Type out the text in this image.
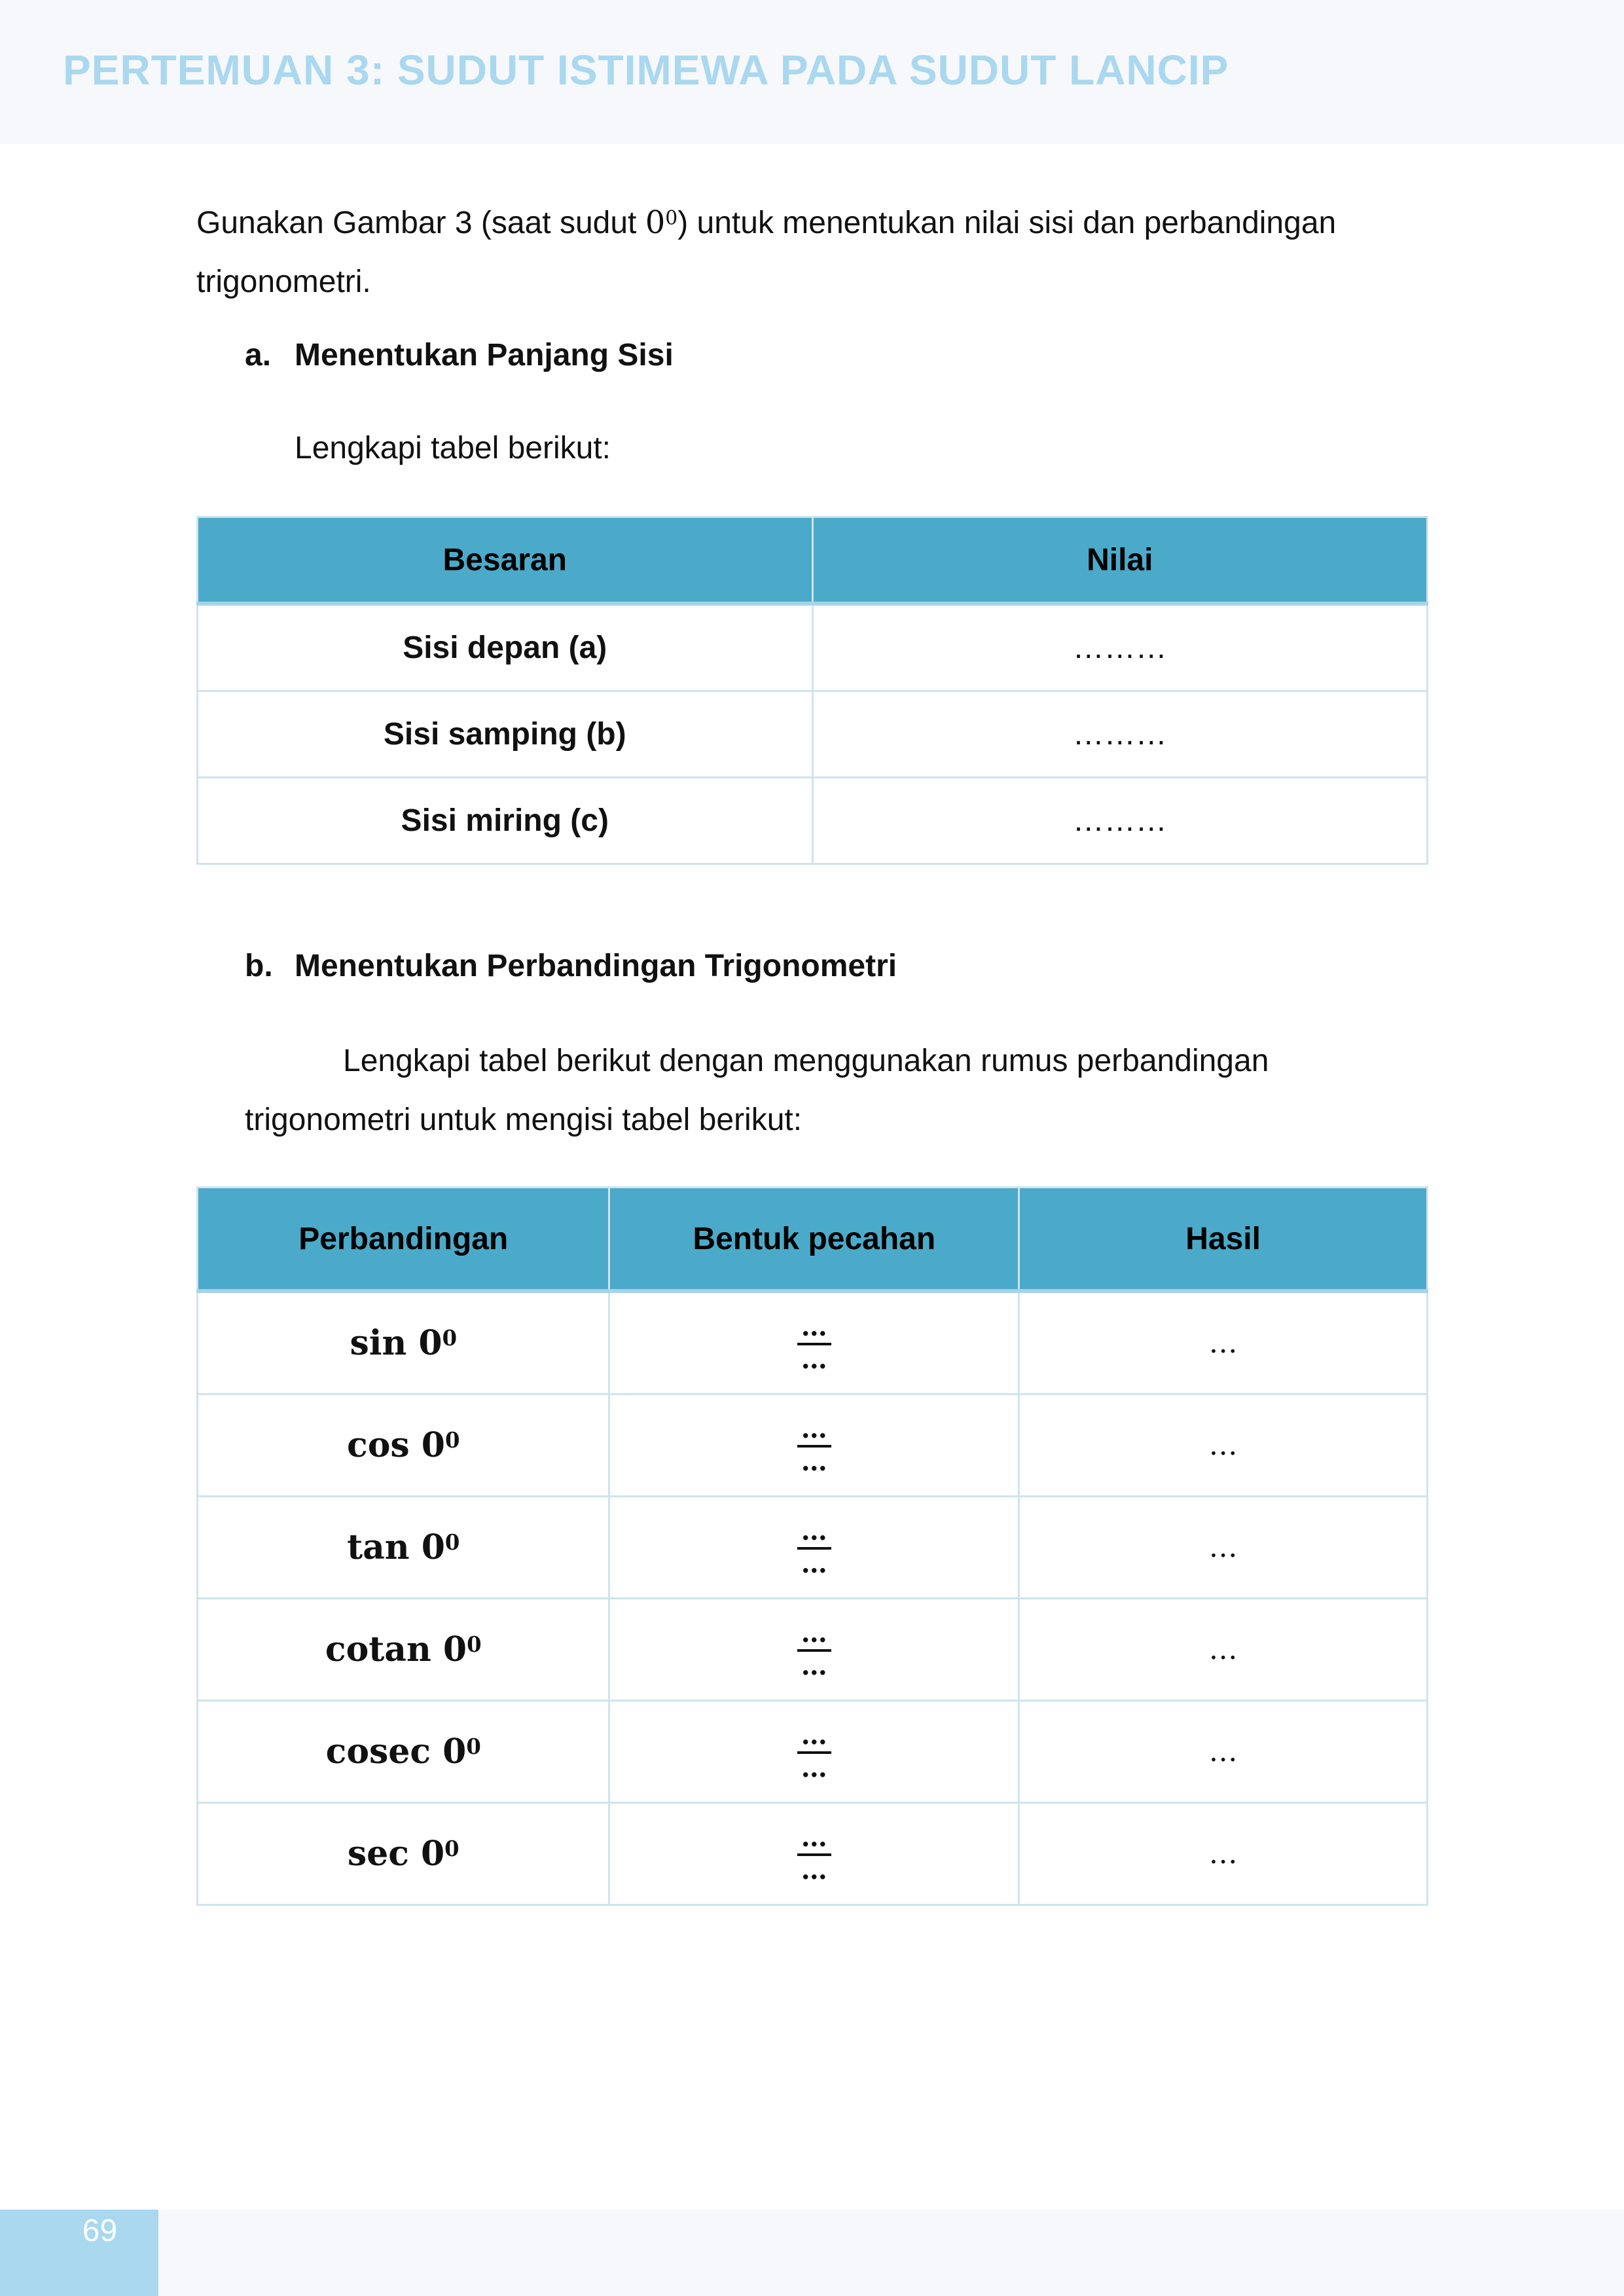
PERTEMUAN 3: SUDUT ISTIMEWA PADA SUDUT LANCIP
Gunakan Gambar 3 (saat sudut $0^0$) untuk menentukan nilai sisi dan perbandingan trigonometri.
a. Menentukan Panjang Sisi
Lengkapi tabel berikut:
Besaran	Nilai
Sisi depan (a)	………
Sisi samping (b)	………
Sisi miring (c)	………
b. Menentukan Perbandingan Trigonometri
Lengkapi tabel berikut dengan menggunakan rumus perbandingan trigonometri untuk mengisi tabel berikut:
Perbandingan	Bentuk pecahan	Hasil
$\sin 0^0$	$\frac{\dots}{\dots}$	…
$\cos 0^0$	$\frac{\dots}{\dots}$	…
$\tan 0^0$	$\frac{\dots}{\dots}$	…
cotan $0^0$	$\frac{\dots}{\dots}$	…
cosec $0^0$	$\frac{\dots}{\dots}$	…
$\sec 0^0$	$\frac{\dots}{\dots}$	…
69
